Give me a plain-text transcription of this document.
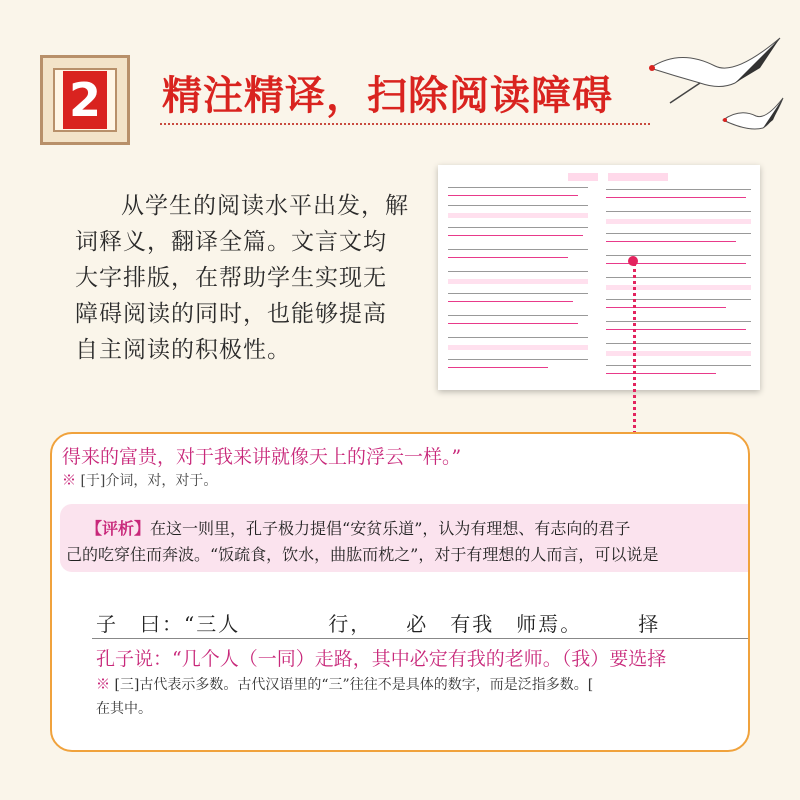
2 精注精译，扫除阅读障碍
从学生的阅读水平出发，解词释义，翻译全篇。文言文均大字排版，在帮助学生实现无障碍阅读的同时，也能够提高自主阅读的积极性。
得来的富贵，对于我来讲就像天上的浮云一样。”
※ [于]介词，对，对于。
【评析】在这一则里，孔子极力提倡“安贫乐道”，认为有理想、有志向的君子
己的吃穿住而奔波。“饭疏食，饮水，曲肱而枕之”，对于有理想的人而言，可以说是
子　曰：“三人　　　　行，　　必　有我　师焉。　　　择
孔子说：“几个人（一同）走路，其中必定有我的老师。（我）要选择
※ [三]古代表示多数。古代汉语里的“三”往往不是具体的数字，而是泛指多数。[
在其中。
